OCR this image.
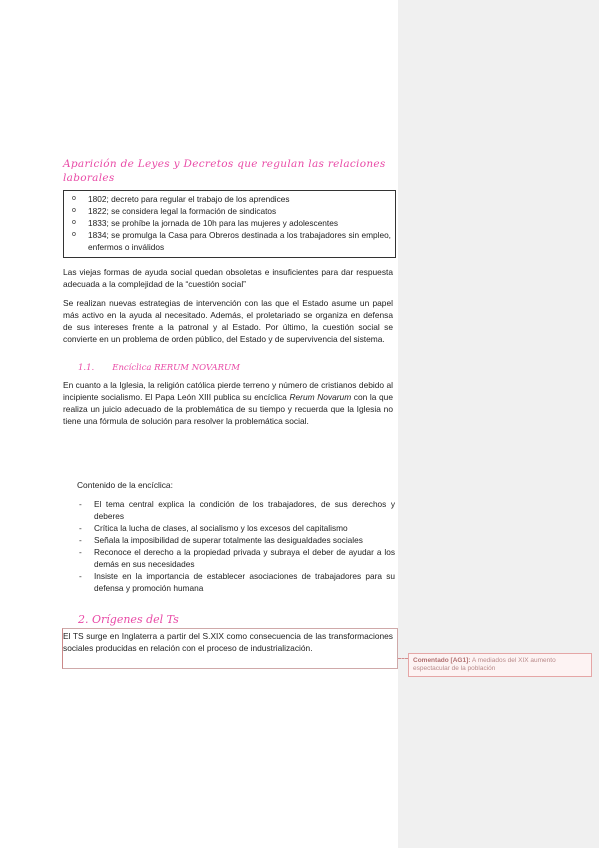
Aparición de Leyes y Decretos que regulan las relaciones laborales
o 1802; decreto para regular el trabajo de los aprendices
o 1822; se considera legal la formación de sindicatos
o 1833; se prohíbe la jornada de 10h para las mujeres y adolescentes
o 1834; se promulga la Casa para Obreros destinada a los trabajadores sin empleo, enfermos o inválidos

Las viejas formas de ayuda social quedan obsoletas e insuficientes para dar respuesta adecuada a la complejidad de la “cuestión social”

Se realizan nuevas estrategias de intervención con las que el Estado asume un papel más activo en la ayuda al necesitado. Además, el proletariado se organiza en defensa de sus intereses frente a la patronal y al Estado. Por último, la cuestión social se convierte en un problema de orden público, del Estado y de supervivencia del sistema.

1.1. Encíclica RERUM NOVARUM

En cuanto a la Iglesia, la religión católica pierde terreno y número de cristianos debido al incipiente socialismo. El Papa León XIII publica su encíclica Rerum Novarum con la que realiza un juicio adecuado de la problemática de su tiempo y recuerda que la Iglesia no tiene una fórmula de solución para resolver la problemática social.

Contenido de la encíclica:

- El tema central explica la condición de los trabajadores, de sus derechos y deberes
- Crítica la lucha de clases, al socialismo y los excesos del capitalismo
- Señala la imposibilidad de superar totalmente las desigualdades sociales
- Reconoce el derecho a la propiedad privada y subraya el deber de ayudar a los demás en sus necesidades
- Insiste en la importancia de establecer asociaciones de trabajadores para su defensa y promoción humana
2. Orígenes del Ts

El TS surge en Inglaterra a partir del S.XIX como consecuencia de las transformaciones sociales producidas en relación con el proceso de industrialización.

Comentado [AG1]: A mediados del XIX aumento espectacular de la población
